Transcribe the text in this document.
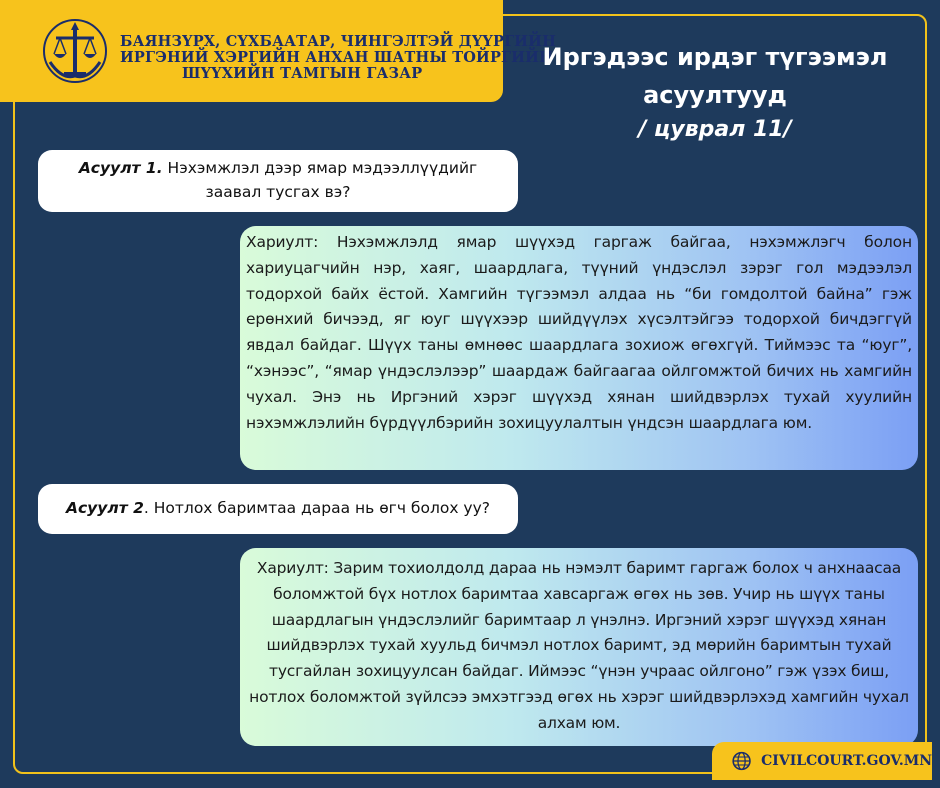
БАЯНЗҮРХ, СҮХБААТАР, ЧИНГЭЛТЭЙ ДҮҮРГИЙН
ИРГЭНИЙ ХЭРГИЙН АНХАН ШАТНЫ ТОЙРГИЙН
ШҮҮХИЙН ТАМГЫН ГАЗАР
Иргэдээс ирдэг түгээмэл
асуултууд
/ цуврал 11/
Асуулт 1. Нэхэмжлэл дээр ямар мэдээллүүдийг заавал тусгах вэ?
Хариулт: Нэхэмжлэлд ямар шүүхэд гаргаж байгаа, нэхэмжлэгч болон хариуцагчийн нэр, хаяг, шаардлага, түүний үндэслэл зэрэг гол мэдээлэл тодорхой байх ёстой. Хамгийн түгээмэл алдаа нь “би гомдолтой байна” гэж ерөнхий бичээд, яг юуг шүүхээр шийдүүлэх хүсэлтэйгээ тодорхой бичдэггүй явдал байдаг. Шүүх таны өмнөөс шаардлага зохиож өгөхгүй. Тиймээс та “юуг”, “хэнээс”, “ямар үндэслэлээр” шаардаж байгаагаа ойлгомжтой бичих нь хамгийн чухал. Энэ нь Иргэний хэрэг шүүхэд хянан шийдвэрлэх тухай хуулийн нэхэмжлэлийн бүрдүүлбэрийн зохицуулалтын үндсэн шаардлага юм.
Асуулт 2. Нотлох баримтаа дараа нь өгч болох уу?
Хариулт: Зарим тохиолдолд дараа нь нэмэлт баримт гаргаж болох ч анхнаасаа боломжтой бүх нотлох баримтаа хавсаргаж өгөх нь зөв. Учир нь шүүх таны шаардлагын үндэслэлийг баримтаар л үнэлнэ. Иргэний хэрэг шүүхэд хянан шийдвэрлэх тухай хуульд бичмэл нотлох баримт, эд мөрийн баримтын тухай тусгайлан зохицуулсан байдаг. Иймээс “үнэн учраас ойлгоно” гэж үзэх биш, нотлох боломжтой зүйлсээ эмхэтгээд өгөх нь хэрэг шийдвэрлэхэд хамгийн чухал алхам юм.
CIVILCOURT.GOV.MN
